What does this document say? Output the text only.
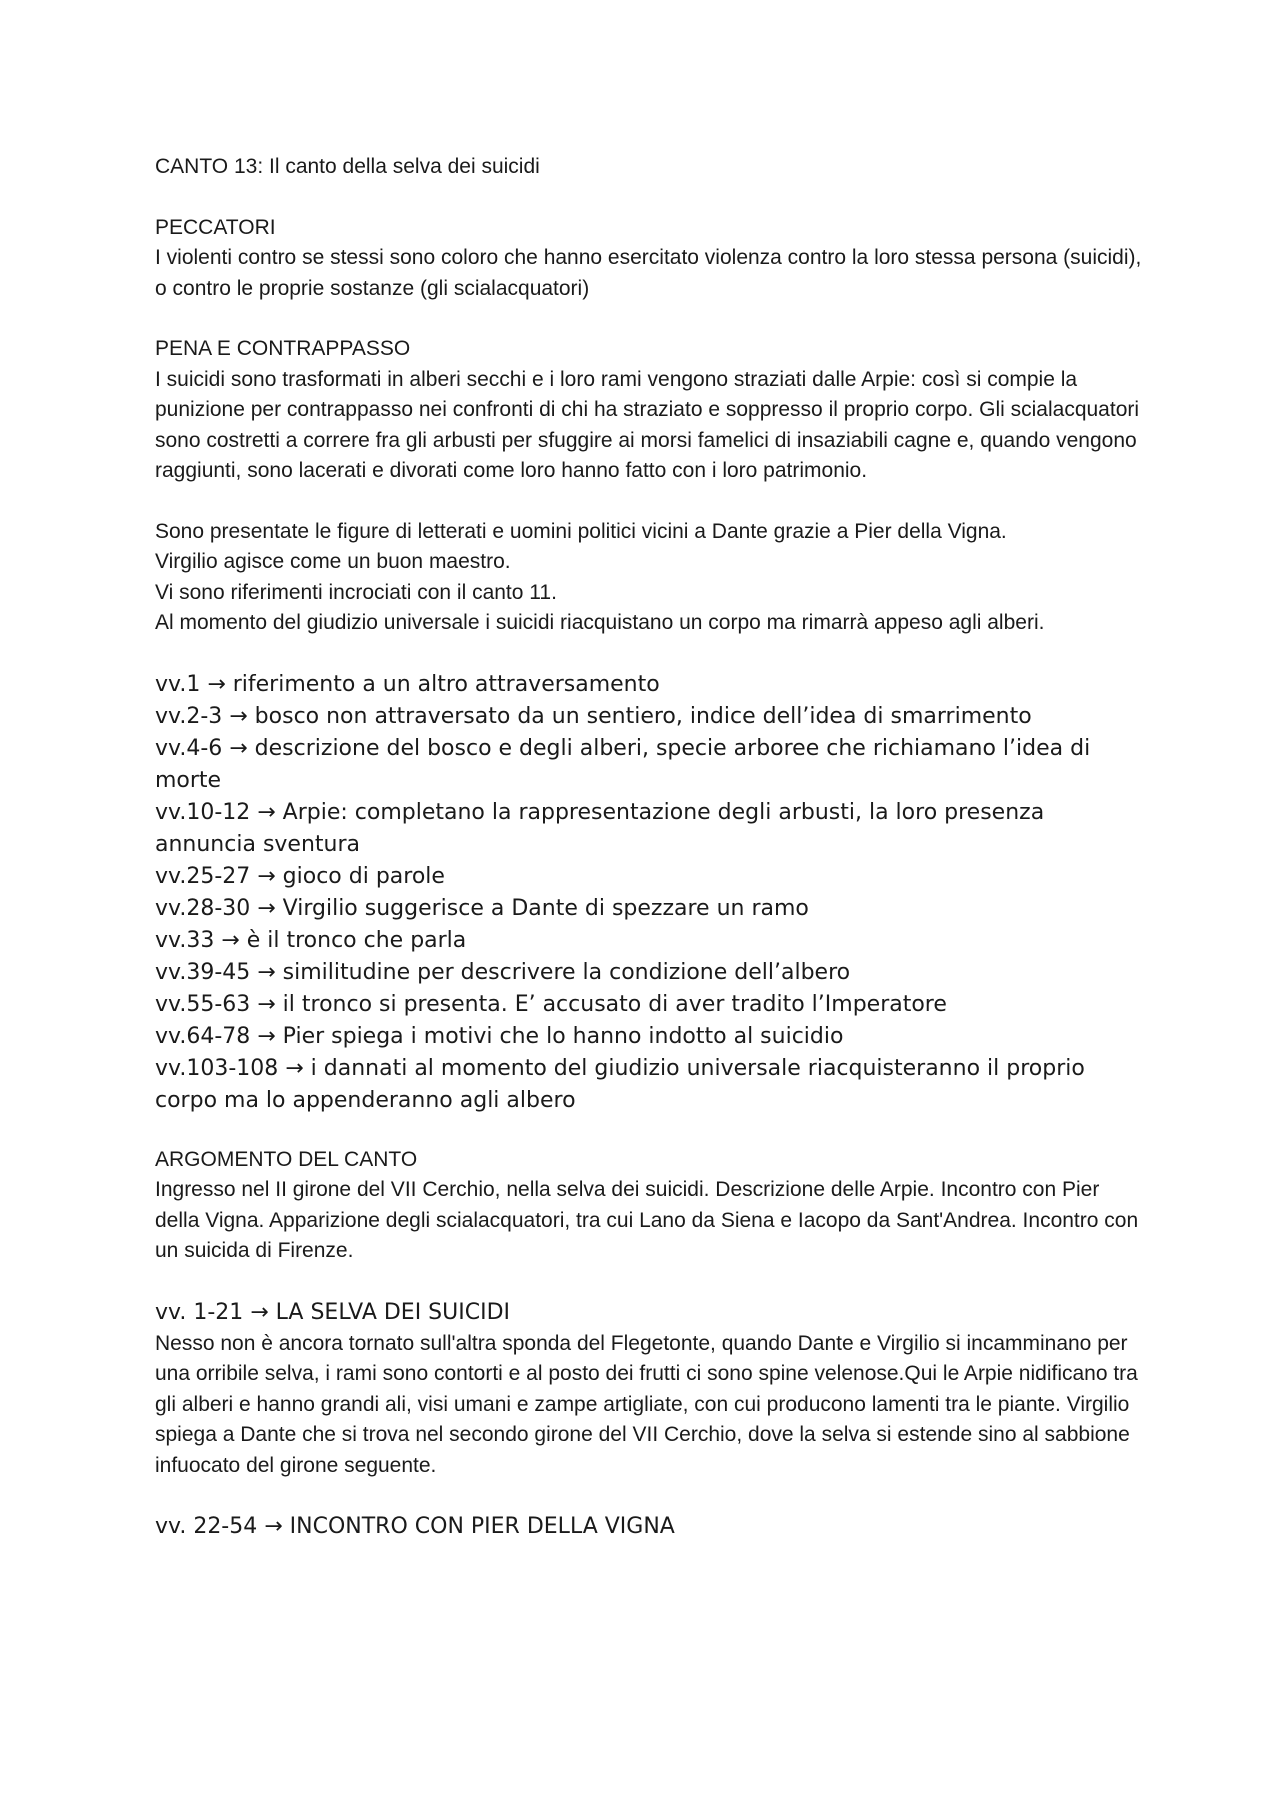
CANTO 13: Il canto della selva dei suicidi

PECCATORI

I violenti contro se stessi sono coloro che hanno esercitato violenza contro la loro stessa persona (suicidi), o contro le proprie sostanze (gli scialacquatori)

PENA E CONTRAPPASSO

I suicidi sono trasformati in alberi secchi e i loro rami vengono straziati dalle Arpie: così si compie la punizione per contrappasso nei confronti di chi ha straziato e soppresso il proprio corpo. Gli scialacquatori sono costretti a correre fra gli arbusti per sfuggire ai morsi famelici di insaziabili cagne e, quando vengono raggiunti, sono lacerati e divorati come loro hanno fatto con i loro patrimonio.

Sono presentate le figure di letterati e uomini politici vicini a Dante grazie a Pier della Vigna.

Virgilio agisce come un buon maestro.

Vi sono riferimenti incrociati con il canto 11.

Al momento del giudizio universale i suicidi riacquistano un corpo ma rimarrà appeso agli alberi.

vv.1 → riferimento a un altro attraversamento
vv.2-3 → bosco non attraversato da un sentiero, indice dell’idea di smarrimento
vv.4-6 → descrizione del bosco e degli alberi, specie arboree che richiamano l’idea di morte
vv.10-12 → Arpie: completano la rappresentazione degli arbusti, la loro presenza annuncia sventura
vv.25-27 → gioco di parole
vv.28-30 → Virgilio suggerisce a Dante di spezzare un ramo
vv.33 → è il tronco che parla
vv.39-45 → similitudine per descrivere la condizione dell’albero
vv.55-63 → il tronco si presenta. E’ accusato di aver tradito l’Imperatore
vv.64-78 → Pier spiega i motivi che lo hanno indotto al suicidio
vv.103-108 → i dannati al momento del giudizio universale riacquisteranno il proprio corpo ma lo appenderanno agli albero

ARGOMENTO DEL CANTO

Ingresso nel II girone del VII Cerchio, nella selva dei suicidi. Descrizione delle Arpie. Incontro con Pier della Vigna. Apparizione degli scialacquatori, tra cui Lano da Siena e Iacopo da Sant'Andrea. Incontro con un suicida di Firenze.

vv. 1-21 → LA SELVA DEI SUICIDI

Nesso non è ancora tornato sull'altra sponda del Flegetonte, quando Dante e Virgilio si incamminano per una orribile selva, i rami sono contorti e al posto dei frutti ci sono spine velenose.Qui le Arpie nidificano tra gli alberi e hanno grandi ali, visi umani e zampe artigliate, con cui producono lamenti tra le piante. Virgilio spiega a Dante che si trova nel secondo girone del VII Cerchio, dove la selva si estende sino al sabbione infuocato del girone seguente.

vv. 22-54 → INCONTRO CON PIER DELLA VIGNA
